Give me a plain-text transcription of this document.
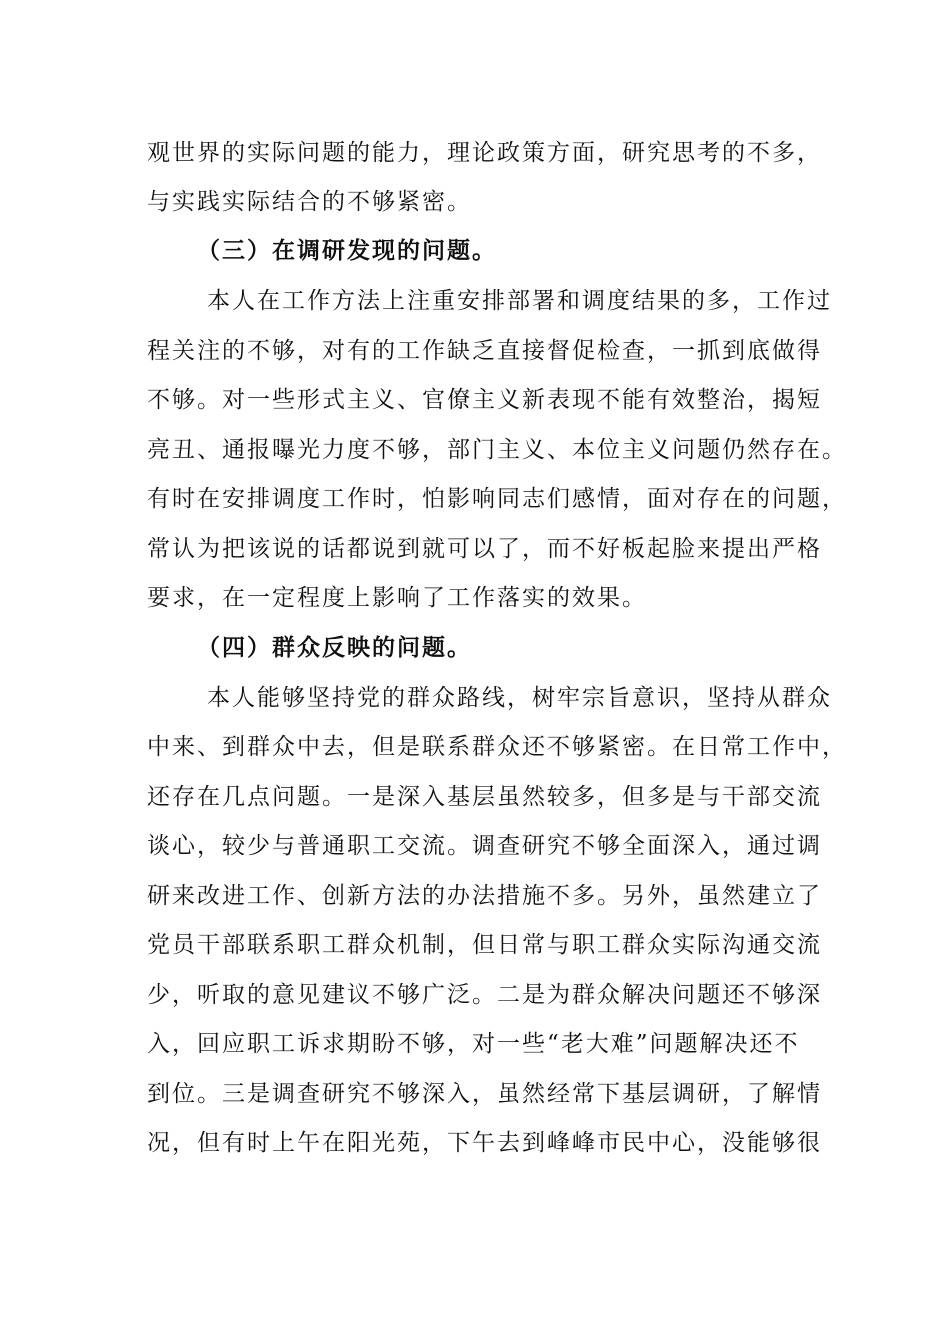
观世界的实际问题的能力，理论政策方面，研究思考的不多，
与实践实际结合的不够紧密。
（三）在调研发现的问题。
本人在工作方法上注重安排部署和调度结果的多，工作过
程关注的不够，对有的工作缺乏直接督促检查，一抓到底做得
不够。对一些形式主义、官僚主义新表现不能有效整治，揭短
亮丑、通报曝光力度不够，部门主义、本位主义问题仍然存在。
有时在安排调度工作时，怕影响同志们感情，面对存在的问题，
常认为把该说的话都说到就可以了，而不好板起脸来提出严格
要求，在一定程度上影响了工作落实的效果。
（四）群众反映的问题。
本人能够坚持党的群众路线，树牢宗旨意识，坚持从群众
中来、到群众中去，但是联系群众还不够紧密。在日常工作中，
还存在几点问题。一是深入基层虽然较多，但多是与干部交流
谈心，较少与普通职工交流。调查研究不够全面深入，通过调
研来改进工作、创新方法的办法措施不多。另外，虽然建立了
党员干部联系职工群众机制，但日常与职工群众实际沟通交流
少，听取的意见建议不够广泛。二是为群众解决问题还不够深
入，回应职工诉求期盼不够，对一些“老大难”问题解决还不
到位。三是调查研究不够深入，虽然经常下基层调研，了解情
况，但有时上午在阳光苑，下午去到峰峰市民中心，没能够很
